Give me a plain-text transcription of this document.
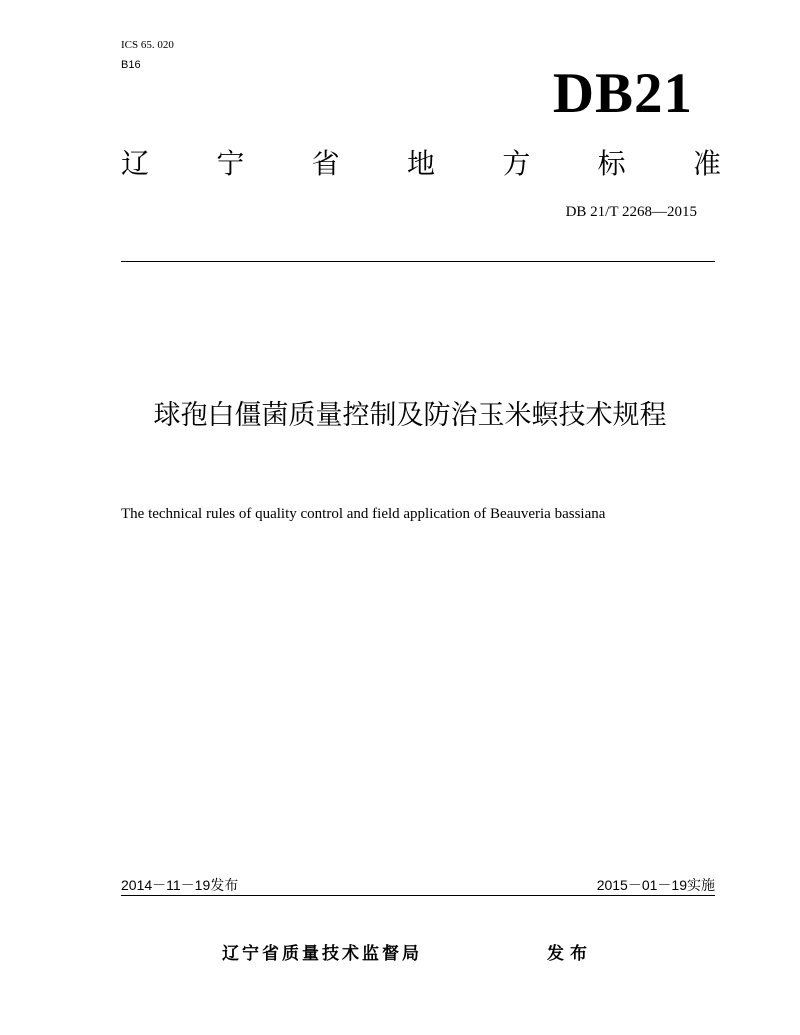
ICS 65. 020
B16	DB21
辽 宁 省 地 方 标 准
DB 21/T 2268—2015
球孢白僵菌质量控制及防治玉米螟技术规程
The technical rules of quality control and field application of Beauveria bassiana
2014－11－19发布	2015－01－19实施
辽宁省质量技术监督局	发布
